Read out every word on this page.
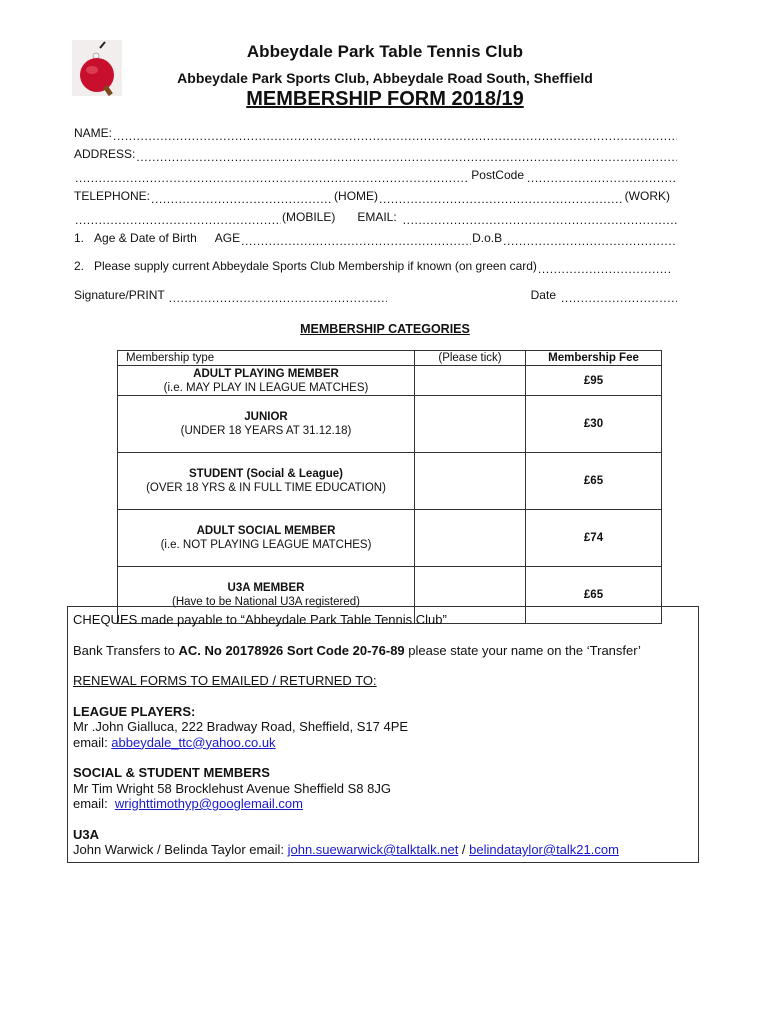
Abbeydale Park Table Tennis Club
Abbeydale Park Sports Club, Abbeydale Road South, Sheffield
MEMBERSHIP FORM 2018/19
NAME:
.....
ADDRESS:
.....
.....
PostCode
.....
TELEPHONE: .....	(HOME) .....	(WORK)
.....
(MOBILE)	EMAIL:
.....
1. Age & Date of Birth	AGE .....	D.o.B
.....
2. Please supply current Abbeydale Sports Club Membership if known (on green card)
.....
Signature/PRINT .....	Date
.....
MEMBERSHIP CATEGORIES
Membership type	(Please tick)	Membership Fee

ADULT PLAYING MEMBER
(i.e. MAY PLAY IN LEAGUE MATCHES)		£95

JUNIOR
(UNDER 18 YEARS AT 31.12.18)		£30

STUDENT (Social & League)
(OVER 18 YRS & IN FULL TIME EDUCATION)		£65

ADULT SOCIAL MEMBER
(i.e. NOT PLAYING LEAGUE MATCHES)		£74

U3A MEMBER
(Have to be National U3A registered)		£65

CHEQUES made payable to “Abbeydale Park Table Tennis Club”

Bank Transfers to AC. No 20178926 Sort Code 20-76-89 please state your name on the ‘Transfer’

RENEWAL FORMS TO EMAILED / RETURNED TO:

LEAGUE PLAYERS:

Mr .John Gialluca, 222 Bradway Road, Sheffield, S17 4PE

email: abbeydale_ttc@yahoo.co.uk

SOCIAL & STUDENT MEMBERS

Mr Tim Wright 58 Brocklehust Avenue Sheffield S8 8JG

email:  wrighttimothyp@googlemail.com

U3A

John Warwick / Belinda Taylor email: john.suewarwick@talktalk.net / belindataylor@talk21.com
